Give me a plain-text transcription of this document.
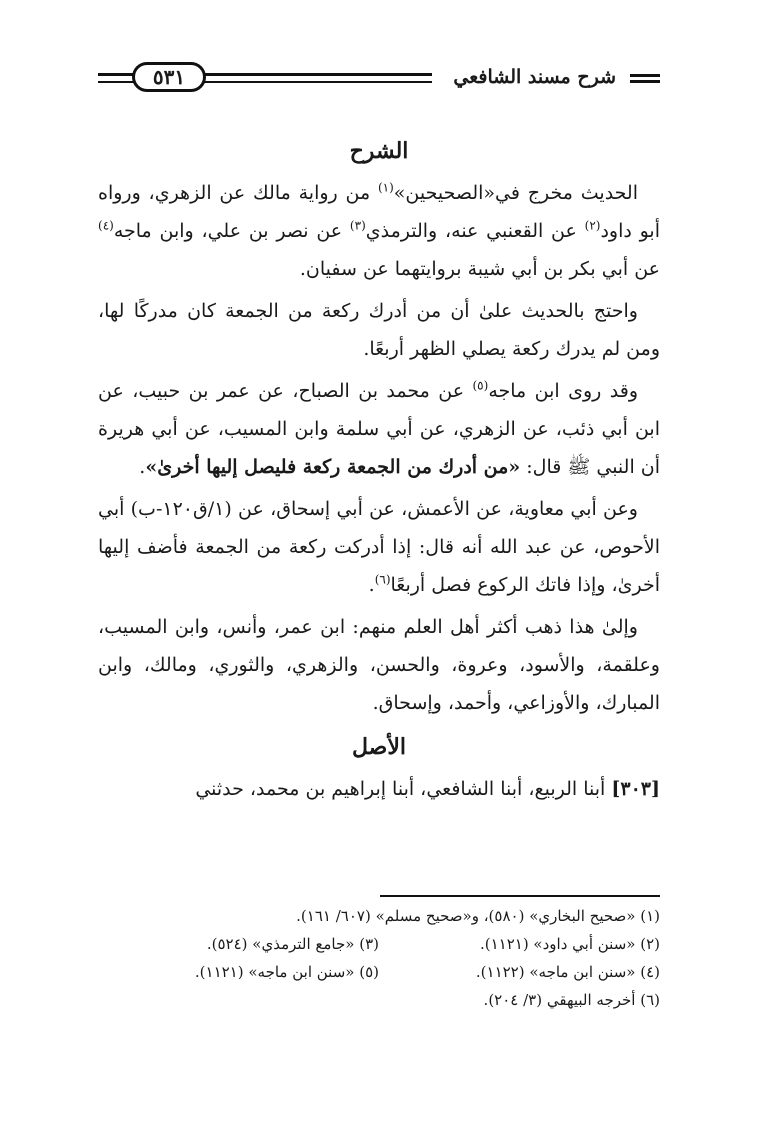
شرح مسند الشافعي
٥٣١
الشرح

الحديث مخرج في«الصحيحين»$^{(١)}$ من رواية مالك عن الزهري، ورواه أبو داود$^{(٢)}$ عن القعنبي عنه، والترمذي$^{(٣)}$ عن نصر بن علي، وابن ماجه$^{(٤)}$ عن أبي بكر بن أبي شيبة بروايتهما عن سفيان.

واحتج بالحديث علىٰ أن من أدرك ركعة من الجمعة كان مدركًا لها، ومن لم يدرك ركعة يصلي الظهر أربعًا.

وقد روى ابن ماجه$^{(٥)}$ عن محمد بن الصباح، عن عمر بن حبيب، عن ابن أبي ذئب، عن الزهري، عن أبي سلمة وابن المسيب، عن أبي هريرة أن النبي ﷺ قال: «من أدرك من الجمعة ركعة فليصل إليها أخرىٰ».

وعن أبي معاوية، عن الأعمش، عن أبي إسحاق، عن (١/ق١٢٠-ب) أبي الأحوص، عن عبد الله أنه قال: إذا أدركت ركعة من الجمعة فأضف إليها أخرىٰ، وإذا فاتك الركوع فصل أربعًا$^{(٦)}$.

وإلىٰ هذا ذهب أكثر أهل العلم منهم: ابن عمر، وأنس، وابن المسيب، وعلقمة، والأسود، وعروة، والحسن، والزهري، والثوري، ومالك، وابن المبارك، والأوزاعي، وأحمد، وإسحاق.

الأصل

[٣٠٣] أبنا الربيع، أبنا الشافعي، أبنا إبراهيم بن محمد، حدثني

(١) «صحيح البخاري» (٥٨٠)، و«صحيح مسلم» (٦٠٧/ ١٦١).
(٢) «سنن أبي داود» (١١٢١).
(٣) «جامع الترمذي» (٥٢٤).
(٤) «سنن ابن ماجه» (١١٢٢).
(٥) «سنن ابن ماجه» (١١٢١).
(٦) أخرجه البيهقي (٣/ ٢٠٤).
